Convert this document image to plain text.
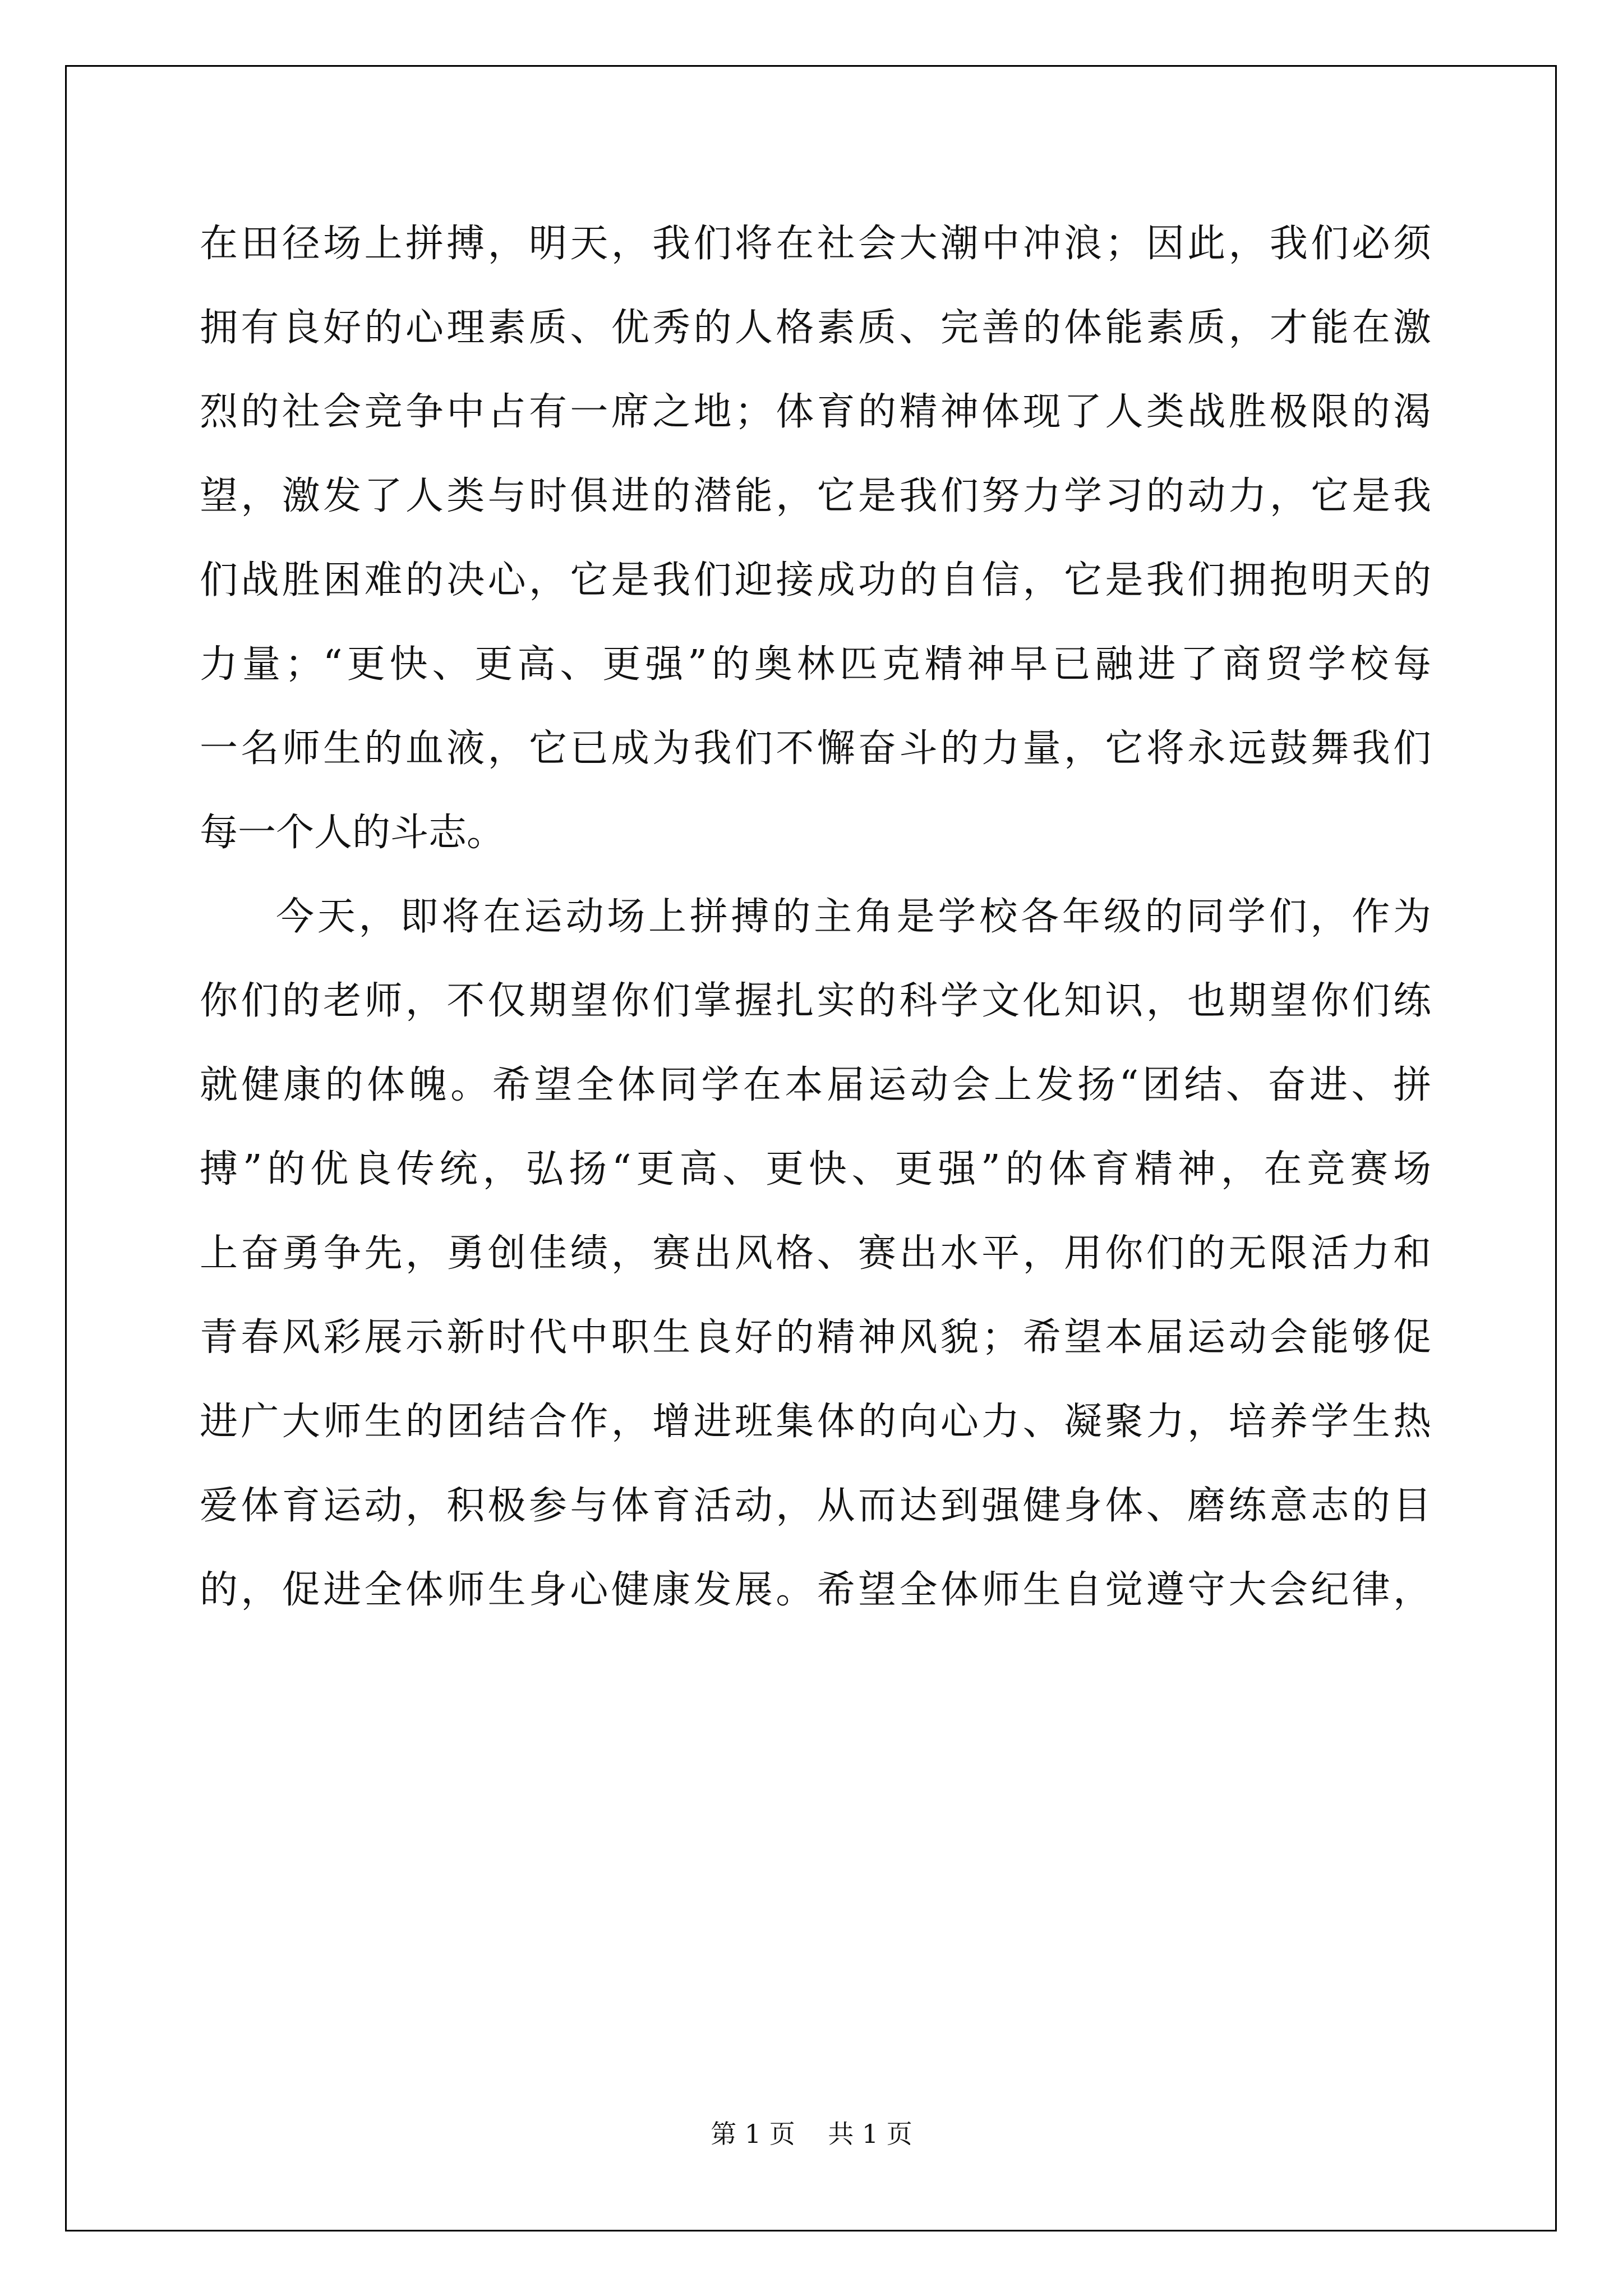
在田径场上拼搏，明天，我们将在社会大潮中冲浪；因此，我们必须
拥有良好的心理素质、优秀的人格素质、完善的体能素质，才能在激
烈的社会竞争中占有一席之地；体育的精神体现了人类战胜极限的渴
望，激发了人类与时俱进的潜能，它是我们努力学习的动力，它是我
们战胜困难的决心，它是我们迎接成功的自信，它是我们拥抱明天的
力量；“更快、更高、更强”的奥林匹克精神早已融进了商贸学校每
一名师生的血液，它已成为我们不懈奋斗的力量，它将永远鼓舞我们
每一个人的斗志。
今天，即将在运动场上拼搏的主角是学校各年级的同学们，作为
你们的老师，不仅期望你们掌握扎实的科学文化知识，也期望你们练
就健康的体魄。希望全体同学在本届运动会上发扬“团结、奋进、拼
搏”的优良传统，弘扬“更高、更快、更强”的体育精神，在竞赛场
上奋勇争先，勇创佳绩，赛出风格、赛出水平，用你们的无限活力和
青春风彩展示新时代中职生良好的精神风貌；希望本届运动会能够促
进广大师生的团结合作，增进班集体的向心力、凝聚力，培养学生热
爱体育运动，积极参与体育活动，从而达到强健身体、磨练意志的目
的，促进全体师生身心健康发展。希望全体师生自觉遵守大会纪律，
第 1 页    共 1 页
